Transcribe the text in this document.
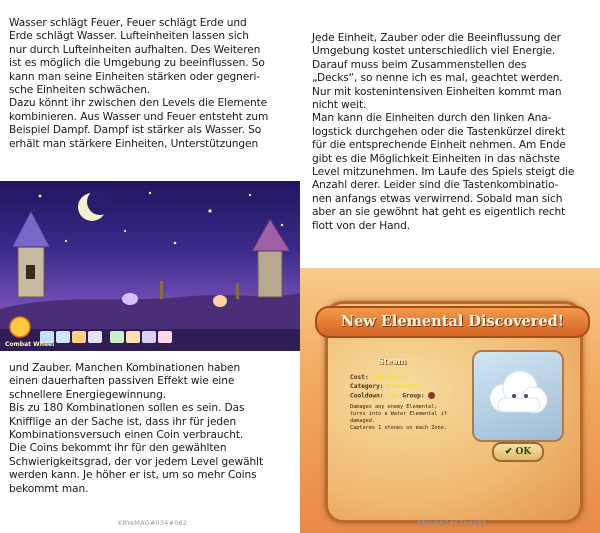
Wasser schlägt Feuer, Feuer schlägt Erde und

Erde schlägt Wasser. Lufteinheiten lassen sich

nur durch Lufteinheiten aufhalten. Des Weiteren

ist es möglich die Umgebung zu beeinflussen. So

kann man seine Einheiten stärken oder gegneri-

sche Einheiten schwächen.

Dazu könnt ihr zwischen den Levels die Elemente

kombinieren. Aus Wasser und Feuer entsteht zum

Beispiel Dampf. Dampf ist stärker als Wasser. So

erhält man stärkere Einheiten, Unterstützungen

Jede Einheit, Zauber oder die Beeinflussung der

Umgebung kostet unterschiedlich viel Energie.

Darauf muss beim Zusammenstellen des

„Decks“, so nenne ich es mal, geachtet werden.

Nur mit kostenintensiven Einheiten kommt man

nicht weit.

Man kann die Einheiten durch den linken Ana-

logstick durchgehen oder die Tastenkürzel direkt

für die entsprechende Einheit nehmen. Am Ende

gibt es die Möglichkeit Einheiten in das nächste

Level mitzunehmen. Im Laufe des Spiels steigt die

Anzahl derer. Leider sind die Tastenkombinatio-

nen anfangs etwas verwirrend. Sobald man sich

aber an sie gewöhnt hat geht es eigentlich recht

flott von der Hand.

Combat Wheel

und Zauber. Manchen Kombinationen haben

einen dauerhaften passiven Effekt wie eine

schnellere Energiegewinnung.

Bis zu 180 Kombinationen sollen es sein. Das

Knifflige an der Sache ist, dass ihr für jeden

Kombinationsversuch einen Coin verbraucht.

Die Coins bekommt ihr für den gewählten

Schwierigkeitsgrad, der vor jedem Level gewählt

werden kann. Je höher er ist, um so mehr Coins

bekommt man.

New Elemental Discovered!
Steam
Cost: 250 Water
Category: Elemental
Cooldown: 20s Group:
Damages any enemy Elemental;
turns into a Water Elemental if
damaged.
Captures 1 stones on each Zone.
✔ OK
KRYeMAG#034#062	KRYeMAG#034#063
